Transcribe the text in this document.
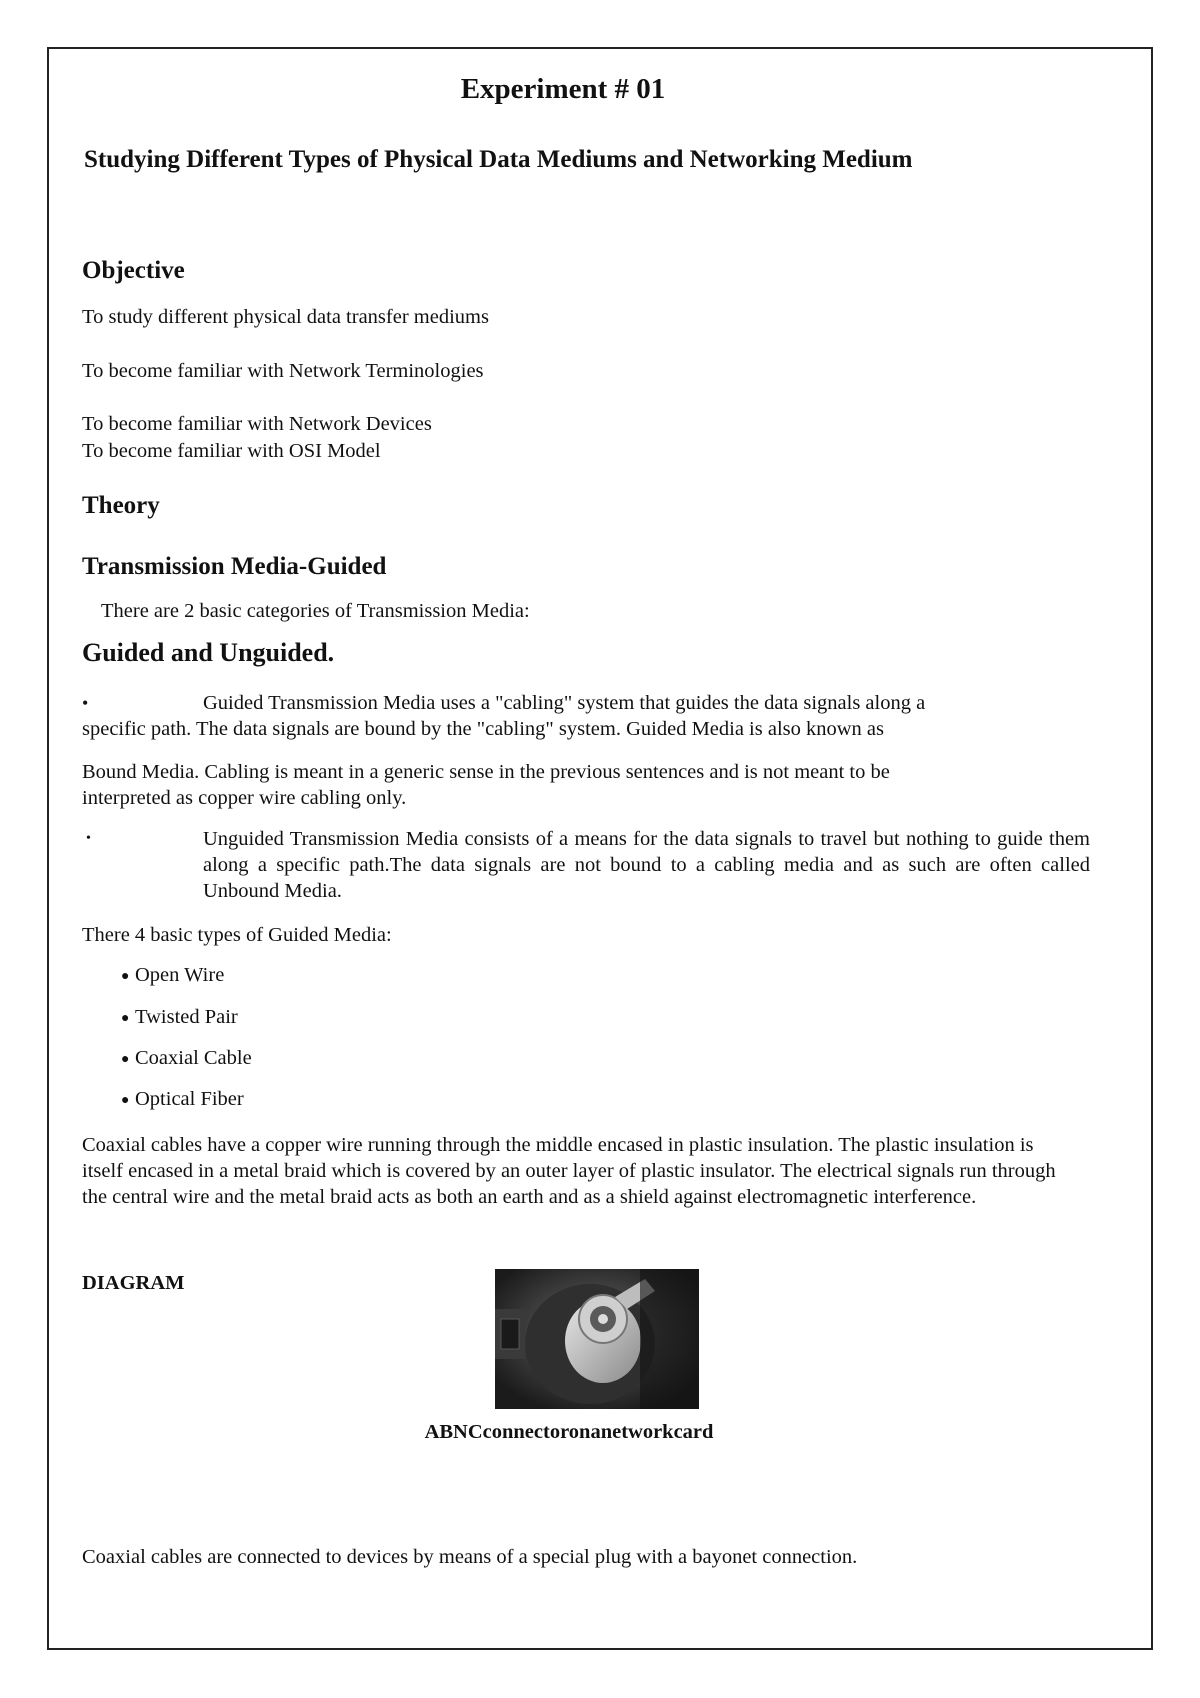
Experiment # 01
Studying Different Types of Physical Data Mediums and Networking Medium
Objective

To study different physical data transfer mediums

To become familiar with Network Terminologies

To become familiar with Network Devices

To become familiar with OSI Model

Theory
Transmission Media-Guided

There are 2 basic categories of Transmission Media:

Guided and Unguided.
•	Guided Transmission Media uses a "cabling" system that guides the data signals along a

specific path. The data signals are bound by the "cabling" system. Guided Media is also known as

Bound Media. Cabling is meant in a generic sense in the previous sentences and is not meant to be

interpreted as copper wire cabling only.

•	Unguided Transmission Media consists of a means for the data signals to travel but nothing to guide them along a specific path.The data signals are not bound to a cabling media and as such are often called Unbound Media.

There 4 basic types of Guided Media:

● Open Wire
● Twisted Pair
● Coaxial Cable
● Optical Fiber

Coaxial cables have a copper wire running through the middle encased in plastic insulation. The plastic insulation is itself encased in a metal braid which is covered by an outer layer of plastic insulator. The electrical signals run through the central wire and the metal braid acts as both an earth and as a shield against electromagnetic interference.

DIAGRAM

ABNCconnectoronanetworkcard

Coaxial cables are connected to devices by means of a special plug with a bayonet connection.
